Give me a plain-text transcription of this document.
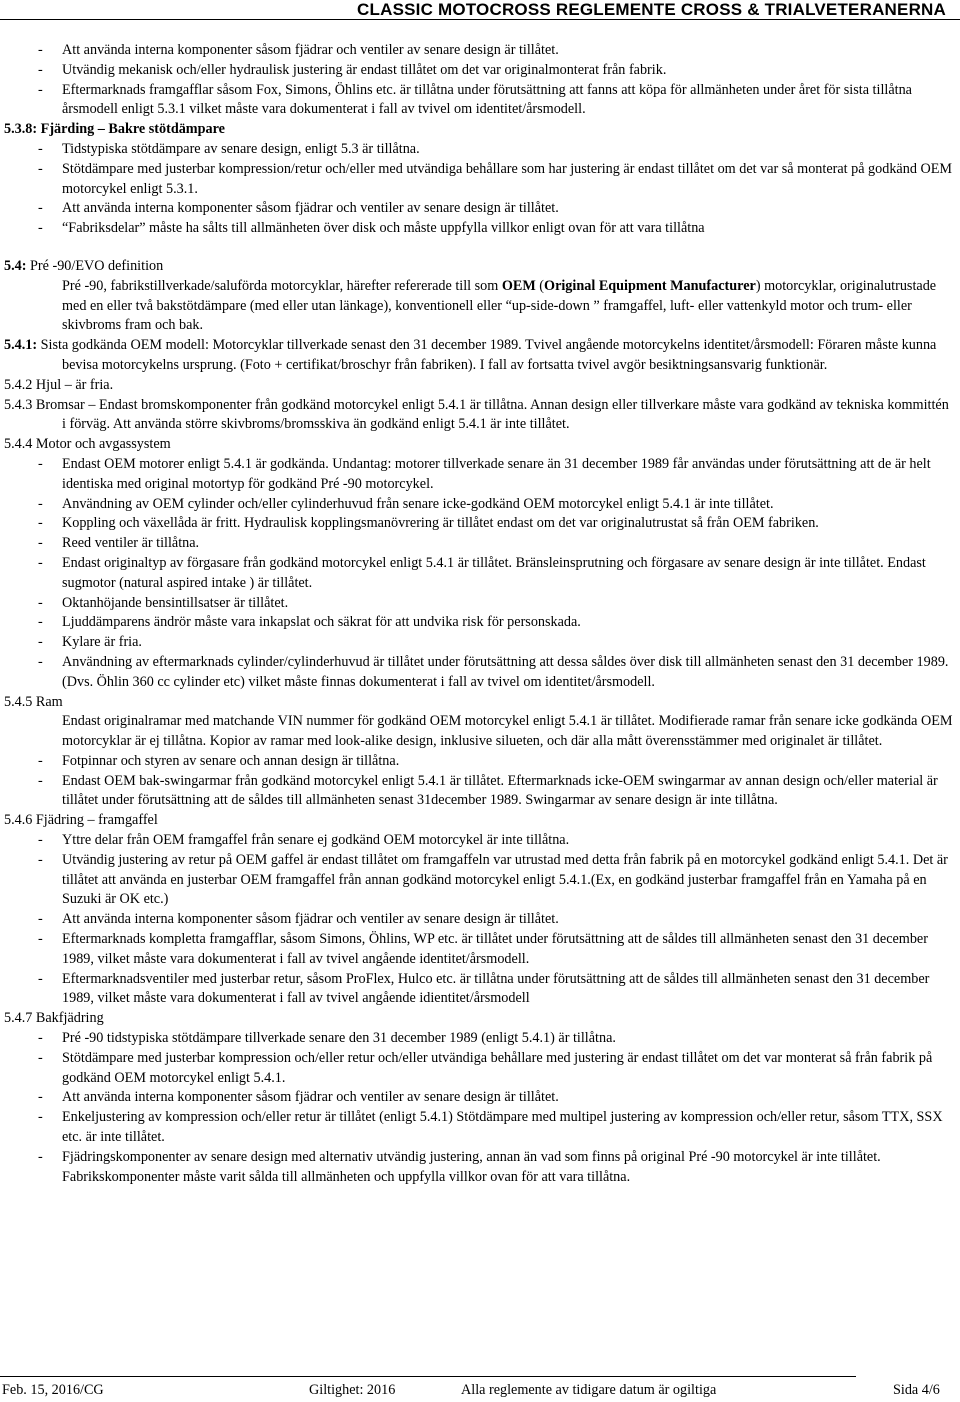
CLASSIC MOTOCROSS REGLEMENTE CROSS & TRIALVETERANERNA
- Att använda interna komponenter såsom fjädrar och ventiler av senare design är tillåtet.
- Utvändig mekanisk och/eller hydraulisk justering är endast tillåtet om det var originalmonterat från fabrik.
- Eftermarknads framgafflar såsom Fox, Simons, Öhlins etc. är tillåtna under förutsättning att fanns att köpa för allmänheten under året för sista tillåtna årsmodell enligt 5.3.1 vilket måste vara dokumenterat i fall av tvivel om identitet/årsmodell.
5.3.8: Fjärding – Bakre stötdämpare
- Tidstypiska stötdämpare av senare design, enligt 5.3 är tillåtna.
- Stötdämpare med justerbar kompression/retur och/eller med utvändiga behållare som har justering är endast tillåtet om det var så monterat på godkänd OEM motorcykel enligt 5.3.1.
- Att använda interna komponenter såsom fjädrar och ventiler av senare design är tillåtet.
- “Fabriksdelar” måste ha sålts till allmänheten över disk och måste uppfylla villkor enligt ovan för att vara tillåtna
5.4: Pré -90/EVO definition
Pré -90, fabrikstillverkade/saluförda motorcyklar, härefter refererade till som OEM (Original Equipment Manufacturer) motorcyklar, originalutrustade med en eller två bakstötdämpare (med eller utan länkage), konventionell eller “up-side-down ” framgaffel, luft- eller vattenkyld motor och trum- eller skivbroms fram och bak.
5.4.1: Sista godkända OEM modell: Motorcyklar tillverkade senast den 31 december 1989. Tvivel angående motorcykelns identitet/årsmodell: Föraren måste kunna bevisa motorcykelns ursprung. (Foto + certifikat/broschyr från fabriken). I fall av fortsatta tvivel avgör besiktningsansvarig funktionär.
5.4.2 Hjul – är fria.
5.4.3 Bromsar – Endast bromskomponenter från godkänd motorcykel enligt 5.4.1 är tillåtna. Annan design eller tillverkare måste vara godkänd av tekniska kommittén i förväg. Att använda större skivbroms/bromsskiva än godkänd enligt 5.4.1 är inte tillåtet.
5.4.4 Motor och avgassystem
- Endast OEM motorer enligt 5.4.1 är godkända. Undantag: motorer tillverkade senare än 31 december 1989 får användas under förutsättning att de är helt identiska med original motortyp för godkänd Pré -90 motorcykel.
- Användning av OEM cylinder och/eller cylinderhuvud från senare icke-godkänd OEM motorcykel enligt 5.4.1 är inte tillåtet.
- Koppling och växellåda är fritt. Hydraulisk kopplingsmanövrering är tillåtet endast om det var originalutrustat så från OEM fabriken.
- Reed ventiler är tillåtna.
- Endast originaltyp av förgasare från godkänd motorcykel enligt 5.4.1 är tillåtet. Bränsleinsprutning och förgasare av senare design är inte tillåtet. Endast sugmotor (natural aspired intake ) är tillåtet.
- Oktanhöjande bensintillsatser är tillåtet.
- Ljuddämparens ändrör måste vara inkapslat och säkrat för att undvika risk för personskada.
- Kylare är fria.
- Användning av eftermarknads cylinder/cylinderhuvud är tillåtet under förutsättning att dessa såldes över disk till allmänheten senast den 31 december 1989. (Dvs. Öhlin 360 cc cylinder etc) vilket måste finnas dokumenterat i fall av tvivel om identitet/årsmodell.
5.4.5 Ram
Endast originalramar med matchande VIN nummer för godkänd OEM motorcykel enligt 5.4.1 är tillåtet. Modifierade ramar från senare icke godkända OEM motorcyklar är ej tillåtna. Kopior av ramar med look-alike design, inklusive silueten, och där alla mått överensstämmer med originalet är tillåtet.
- Fotpinnar och styren av senare och annan design är tillåtna.
- Endast OEM bak-swingarmar från godkänd motorcykel enligt 5.4.1 är tillåtet. Eftermarknads icke-OEM swingarmar av annan design och/eller material är tillåtet under förutsättning att de såldes till allmänheten senast 31december 1989. Swingarmar av senare design är inte tillåtna.
5.4.6 Fjädring – framgaffel
- Yttre delar från OEM framgaffel från senare ej godkänd OEM motorcykel är inte tillåtna.
- Utvändig justering av retur på OEM gaffel är endast tillåtet om framgaffeln var utrustad med detta från fabrik på en motorcykel godkänd enligt 5.4.1. Det är tillåtet att använda en justerbar OEM framgaffel från annan godkänd motorcykel enligt 5.4.1.(Ex, en godkänd justerbar framgaffel från en Yamaha på en Suzuki är OK etc.)
- Att använda interna komponenter såsom fjädrar och ventiler av senare design är tillåtet.
- Eftermarknads kompletta framgafflar, såsom Simons, Öhlins, WP etc. är tillåtet under förutsättning att de såldes till allmänheten senast den 31 december 1989, vilket måste vara dokumenterat i fall av tvivel angående identitet/årsmodell.
- Eftermarknadsventiler med justerbar retur, såsom ProFlex, Hulco etc. är tillåtna under förutsättning att de såldes till allmänheten senast den 31 december 1989, vilket måste vara dokumenterat i fall av tvivel angående idientitet/årsmodell
5.4.7 Bakfjädring
- Pré -90 tidstypiska stötdämpare tillverkade senare den 31 december 1989 (enligt 5.4.1) är tillåtna.
- Stötdämpare med justerbar kompression och/eller retur och/eller utvändiga behållare med justering är endast tillåtet om det var monterat så från fabrik på godkänd OEM motorcykel enligt 5.4.1.
- Att använda interna komponenter såsom fjädrar och ventiler av senare design är tillåtet.
- Enkeljustering av kompression och/eller retur är tillåtet (enligt 5.4.1) Stötdämpare med multipel justering av kompression och/eller retur, såsom TTX, SSX etc. är inte tillåtet.
- Fjädringskomponenter av senare design med alternativ utvändig justering, annan än vad som finns på original Pré -90 motorcykel är inte tillåtet. Fabrikskomponenter måste varit sålda till allmänheten och uppfylla villkor ovan för att vara tillåtna.
Feb. 15, 2016/CG	Giltighet: 2016	Alla reglemente av tidigare datum är ogiltiga	Sida 4/6
